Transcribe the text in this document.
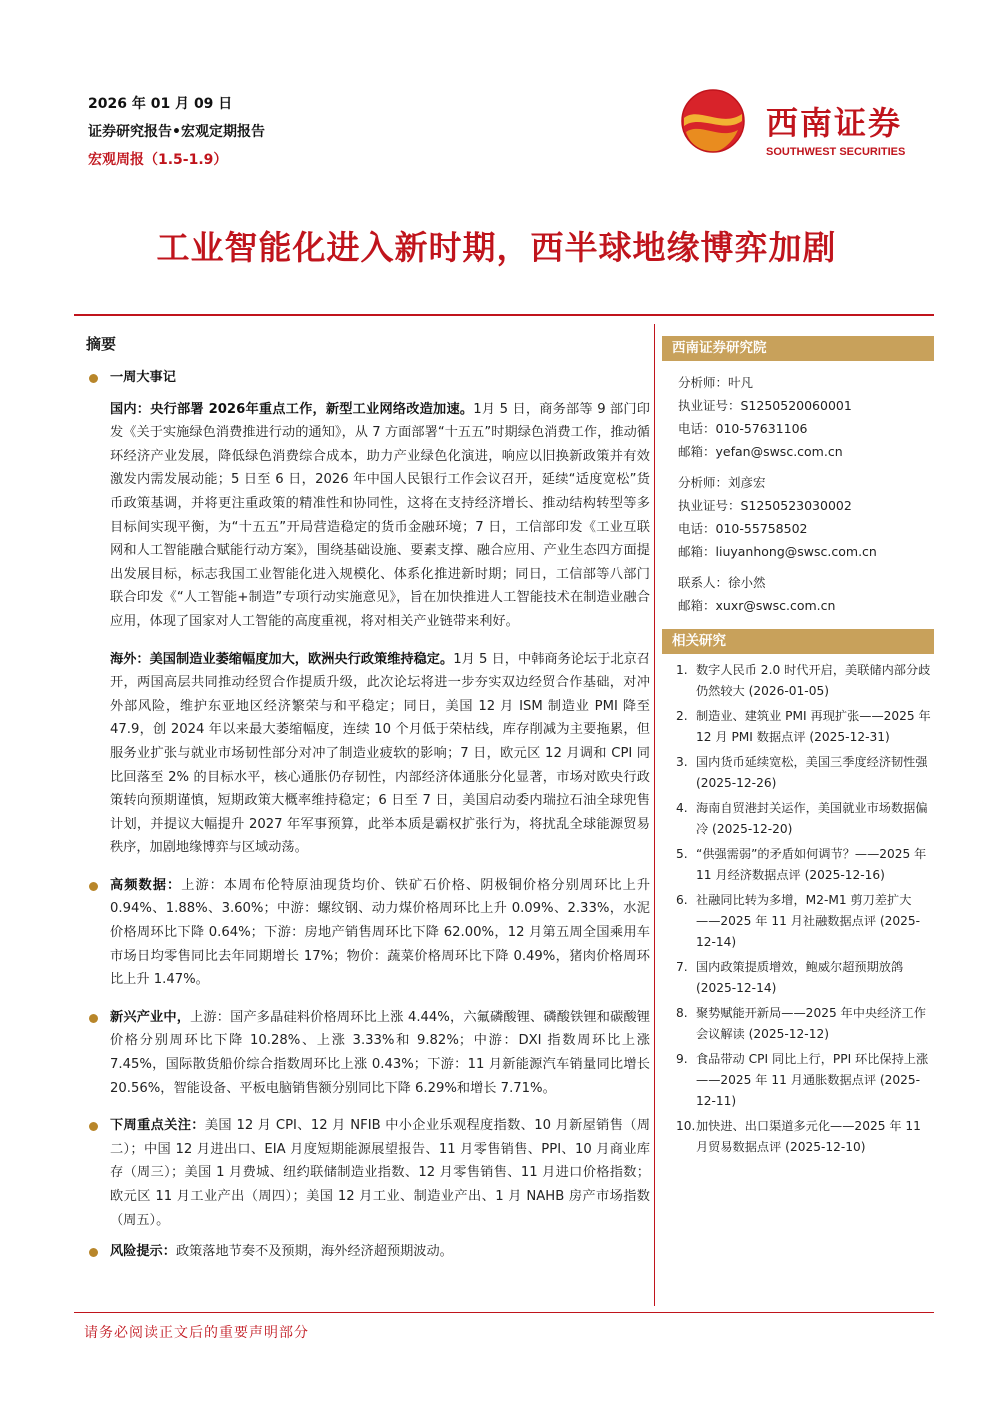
2026 年 01 月 09 日
证券研究报告•宏观定期报告
宏观周报（1.5-1.9）
西南证券
SOUTHWEST SECURITIES
工业智能化进入新时期，西半球地缘博弈加剧
摘要
一周大事记
国内：央行部署 2026年重点工作，新型工业网络改造加速。1月 5 日，商务部等 9 部门印发《关于实施绿色消费推进行动的通知》，从 7 方面部署“十五五”时期绿色消费工作，推动循环经济产业发展，降低绿色消费综合成本，助力产业绿色化演进，响应以旧换新政策并有效激发内需发展动能；5 日至 6 日，2026 年中国人民银行工作会议召开，延续“适度宽松”货币政策基调，并将更注重政策的精准性和协同性，这将在支持经济增长、推动结构转型等多目标间实现平衡，为“十五五”开局营造稳定的货币金融环境；7 日，工信部印发《工业互联网和人工智能融合赋能行动方案》，围绕基础设施、要素支撑、融合应用、产业生态四方面提出发展目标，标志我国工业智能化进入规模化、体系化推进新时期；同日，工信部等八部门联合印发《“人工智能+制造”专项行动实施意见》，旨在加快推进人工智能技术在制造业融合应用，体现了国家对人工智能的高度重视，将对相关产业链带来利好。
海外：美国制造业萎缩幅度加大，欧洲央行政策维持稳定。1月 5 日，中韩商务论坛于北京召开，两国高层共同推动经贸合作提质升级，此次论坛将进一步夯实双边经贸合作基础，对冲外部风险，维护东亚地区经济繁荣与和平稳定；同日，美国 12 月 ISM 制造业 PMI 降至 47.9，创 2024 年以来最大萎缩幅度，连续 10 个月低于荣枯线，库存削减为主要拖累，但服务业扩张与就业市场韧性部分对冲了制造业疲软的影响；7 日，欧元区 12 月调和 CPI 同比回落至 2% 的目标水平，核心通胀仍存韧性，内部经济体通胀分化显著，市场对欧央行政策转向预期谨慎，短期政策大概率维持稳定；6 日至 7 日，美国启动委内瑞拉石油全球兜售计划，并提议大幅提升 2027 年军事预算，此举本质是霸权扩张行为，将扰乱全球能源贸易秩序，加剧地缘博弈与区域动荡。
高频数据：上游：本周布伦特原油现货均价、铁矿石价格、阴极铜价格分别周环比上升 0.94%、1.88%、3.60%；中游：螺纹钢、动力煤价格周环比上升 0.09%、2.33%，水泥价格周环比下降 0.64%；下游：房地产销售周环比下降 62.00%，12 月第五周全国乘用车市场日均零售同比去年同期增长 17%；物价：蔬菜价格周环比下降 0.49%，猪肉价格周环比上升 1.47%。
新兴产业中，上游：国产多晶硅料价格周环比上涨 4.44%，六氟磷酸锂、磷酸铁锂和碳酸锂价格分别周环比下降 10.28%、上涨 3.33%和 9.82%；中游：DXI 指数周环比上涨 7.45%，国际散货船价综合指数周环比上涨 0.43%；下游：11 月新能源汽车销量同比增长 20.56%，智能设备、平板电脑销售额分别同比下降 6.29%和增长 7.71%。
下周重点关注：美国 12 月 CPI、12 月 NFIB 中小企业乐观程度指数、10 月新屋销售（周二）；中国 12 月进出口、EIA 月度短期能源展望报告、11 月零售销售、PPI、10 月商业库存（周三）；美国 1 月费城、纽约联储制造业指数、12 月零售销售、11 月进口价格指数；欧元区 11 月工业产出（周四）；美国 12 月工业、制造业产出、1 月 NAHB 房产市场指数（周五）。
风险提示：政策落地节奏不及预期，海外经济超预期波动。
西南证券研究院
分析师：叶凡
执业证号：S1250520060001
电话：010-57631106
邮箱：yefan@swsc.com.cn
分析师：刘彦宏
执业证号：S1250523030002
电话：010-55758502
邮箱：liuyanhong@swsc.com.cn
联系人：徐小然
邮箱：xuxr@swsc.com.cn
相关研究
1. 数字人民币 2.0 时代开启，美联储内部分歧仍然较大 (2026-01-05)
2. 制造业、建筑业 PMI 再现扩张——2025 年 12 月 PMI 数据点评 (2025-12-31)
3. 国内货币延续宽松，美国三季度经济韧性强 (2025-12-26)
4. 海南自贸港封关运作，美国就业市场数据偏冷 (2025-12-20)
5. “供强需弱”的矛盾如何调节？——2025 年 11 月经济数据点评 (2025-12-16)
6. 社融同比转为多增，M2-M1 剪刀差扩大——2025 年 11 月社融数据点评 (2025-12-14)
7. 国内政策提质增效，鲍威尔超预期放鸽 (2025-12-14)
8. 聚势赋能开新局——2025 年中央经济工作会议解读 (2025-12-12)
9. 食品带动 CPI 同比上行，PPI 环比保持上涨——2025 年 11 月通胀数据点评 (2025-12-11)
10. 加快进、出口渠道多元化——2025 年 11 月贸易数据点评 (2025-12-10)
请务必阅读正文后的重要声明部分
